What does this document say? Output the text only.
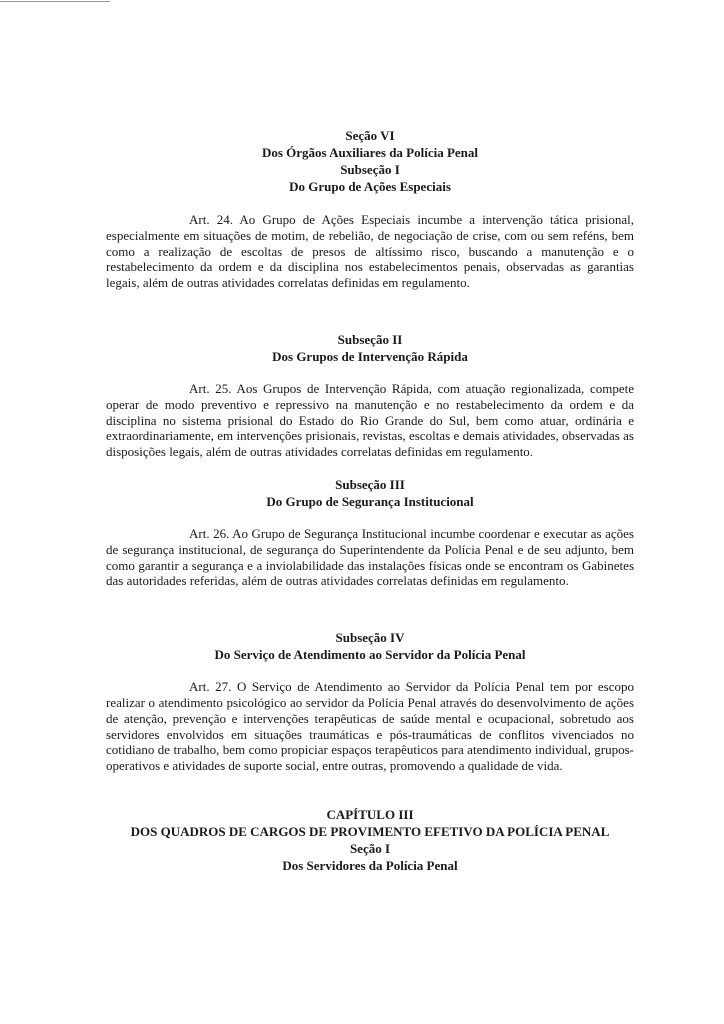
Seção VI

Dos Órgãos Auxiliares da Polícia Penal

Subseção I

Do Grupo de Ações Especiais

Art. 24. Ao Grupo de Ações Especiais incumbe a intervenção tática prisional, especialmente em situações de motim, de rebelião, de negociação de crise, com ou sem reféns, bem como a realização de escoltas de presos de altíssimo risco, buscando a manutenção e o restabelecimento da ordem e da disciplina nos estabelecimentos penais, observadas as garantias legais, além de outras atividades correlatas definidas em regulamento.

Subseção II

Dos Grupos de Intervenção Rápida

Art. 25. Aos Grupos de Intervenção Rápida, com atuação regionalizada, compete operar de modo preventivo e repressivo na manutenção e no restabelecimento da ordem e da disciplina no sistema prisional do Estado do Rio Grande do Sul, bem como atuar, ordinária e extraordinariamente, em intervenções prisionais, revistas, escoltas e demais atividades, observadas as disposições legais, além de outras atividades correlatas definidas em regulamento.

Subseção III

Do Grupo de Segurança Institucional

Art. 26. Ao Grupo de Segurança Institucional incumbe coordenar e executar as ações de segurança institucional, de segurança do Superintendente da Polícia Penal e de seu adjunto, bem como garantir a segurança e a inviolabilidade das instalações físicas onde se encontram os Gabinetes das autoridades referidas, além de outras atividades correlatas definidas em regulamento.

Subseção IV

Do Serviço de Atendimento ao Servidor da Polícia Penal

Art. 27. O Serviço de Atendimento ao Servidor da Polícia Penal tem por escopo realizar o atendimento psicológico ao servidor da Polícia Penal através do desenvolvimento de ações de atenção, prevenção e intervenções terapêuticas de saúde mental e ocupacional, sobretudo aos servidores envolvidos em situações traumáticas e pós-traumáticas de conflitos vivenciados no cotidiano de trabalho, bem como propiciar espaços terapêuticos para atendimento individual, grupos-operativos e atividades de suporte social, entre outras, promovendo a qualidade de vida.

CAPÍTULO III

DOS QUADROS DE CARGOS DE PROVIMENTO EFETIVO DA POLÍCIA PENAL

Seção I

Dos Servidores da Polícia Penal
